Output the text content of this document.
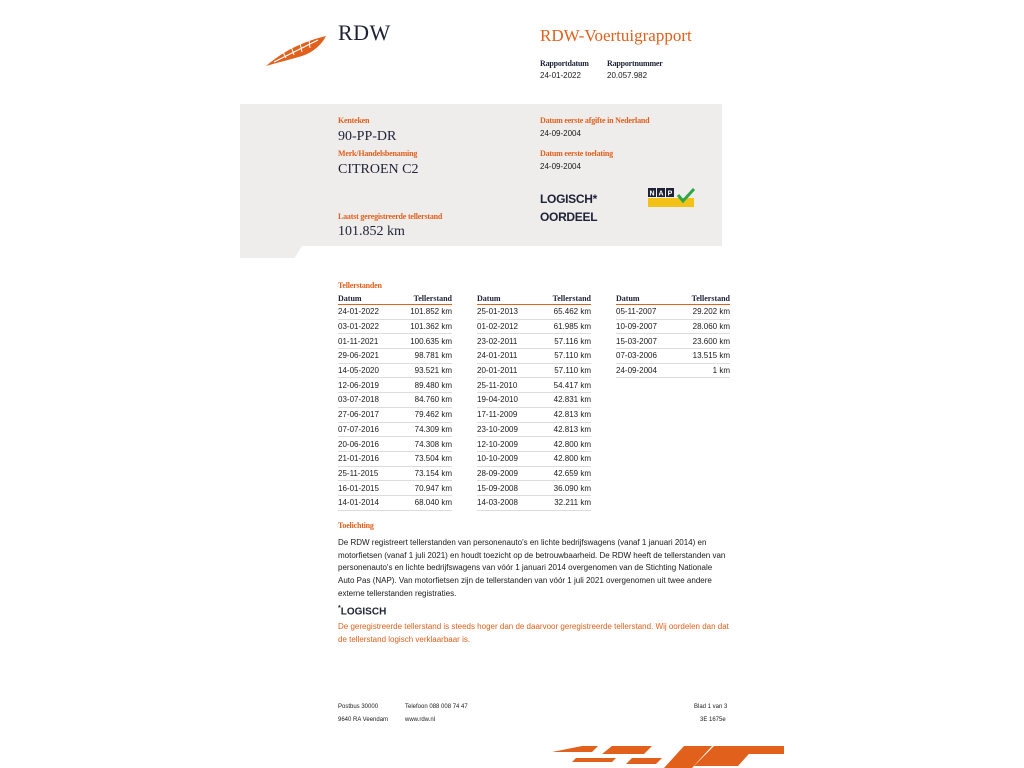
RDW	RDW-Voertuigrapport
Rapportdatum
24-01-2022
Rapportnummer
20.057.982
Kenteken
90-PP-DR
Merk/Handelsbenaming
CITROEN C2
Laatst geregistreerde tellerstand
101.852 km
Datum eerste afgifte in Nederland
24-09-2004
Datum eerste toelating
24-09-2004
LOGISCH*
OORDEEL
N A P
Tellerstanden
Datum	Tellerstand
24-01-2022	101.852 km
03-01-2022	101.362 km
01-11-2021	100.635 km
29-06-2021	98.781 km
14-05-2020	93.521 km
12-06-2019	89.480 km
03-07-2018	84.760 km
27-06-2017	79.462 km
07-07-2016	74.309 km
20-06-2016	74.308 km
21-01-2016	73.504 km
25-11-2015	73.154 km
16-01-2015	70.947 km
14-01-2014	68.040 km
Datum	Tellerstand
25-01-2013	65.462 km
01-02-2012	61.985 km
23-02-2011	57.116 km
24-01-2011	57.110 km
20-01-2011	57.110 km
25-11-2010	54.417 km
19-04-2010	42.831 km
17-11-2009	42.813 km
23-10-2009	42.813 km
12-10-2009	42.800 km
10-10-2009	42.800 km
28-09-2009	42.659 km
15-09-2008	36.090 km
14-03-2008	32.211 km
Datum	Tellerstand
05-11-2007	29.202 km
10-09-2007	28.060 km
15-03-2007	23.600 km
07-03-2006	13.515 km
24-09-2004	1 km
Toelichting
De RDW registreert tellerstanden van personenauto's en lichte bedrijfswagens (vanaf 1 januari 2014) en motorfietsen (vanaf 1 juli 2021) en houdt toezicht op de betrouwbaarheid. De RDW heeft de tellerstanden van personenauto's en lichte bedrijfswagens van vóór 1 januari 2014 overgenomen van de Stichting Nationale Auto Pas (NAP). Van motorfietsen zijn de tellerstanden van vóór 1 juli 2021 overgenomen uit twee andere externe tellerstanden registraties.
*LOGISCH
De geregistreerde tellerstand is steeds hoger dan de daarvoor geregistreerde tellerstand. Wij oordelen dan dat de tellerstand logisch verklaarbaar is.
Postbus 30000
9640 RA Veendam
Telefoon 088 008 74 47
www.rdw.nl
Blad 1 van 3
3E 1675e
